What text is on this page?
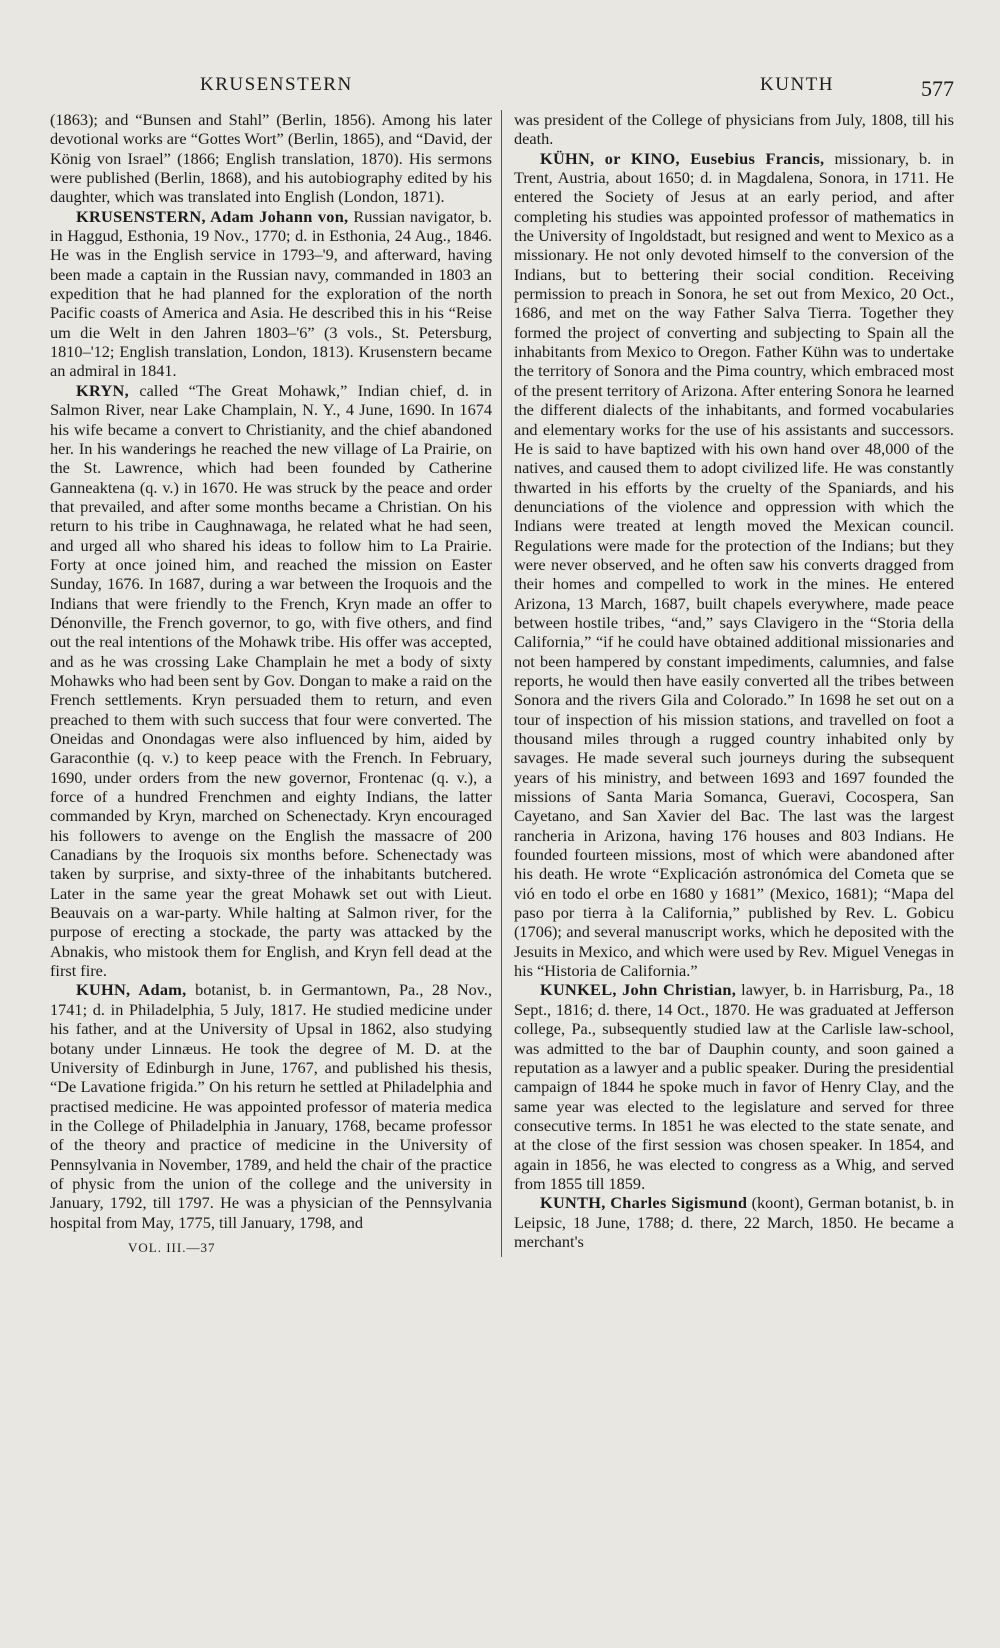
KRUSENSTERN	KUNTH	577

(1863); and “Bunsen and Stahl” (Berlin, 1856). Among his later devotional works are “Gottes Wort” (Berlin, 1865), and “David, der König von Israel” (1866; English translation, 1870). His sermons were published (Berlin, 1868), and his autobiography edited by his daughter, which was translated into English (London, 1871).

KRUSENSTERN, Adam Johann von, Russian navigator, b. in Haggud, Esthonia, 19 Nov., 1770; d. in Esthonia, 24 Aug., 1846. He was in the English service in 1793–'9, and afterward, having been made a captain in the Russian navy, commanded in 1803 an expedition that he had planned for the exploration of the north Pacific coasts of America and Asia. He described this in his “Reise um die Welt in den Jahren 1803–'6” (3 vols., St. Petersburg, 1810–'12; English translation, London, 1813). Krusenstern became an admiral in 1841.

KRYN, called “The Great Mohawk,” Indian chief, d. in Salmon River, near Lake Champlain, N. Y., 4 June, 1690. In 1674 his wife became a convert to Christianity, and the chief abandoned her. In his wanderings he reached the new village of La Prairie, on the St. Lawrence, which had been founded by Catherine Ganneaktena (q. v.) in 1670. He was struck by the peace and order that prevailed, and after some months became a Christian. On his return to his tribe in Caughnawaga, he related what he had seen, and urged all who shared his ideas to follow him to La Prairie. Forty at once joined him, and reached the mission on Easter Sunday, 1676. In 1687, during a war between the Iroquois and the Indians that were friendly to the French, Kryn made an offer to Dénonville, the French governor, to go, with five others, and find out the real intentions of the Mohawk tribe. His offer was accepted, and as he was crossing Lake Champlain he met a body of sixty Mohawks who had been sent by Gov. Dongan to make a raid on the French settlements. Kryn persuaded them to return, and even preached to them with such success that four were converted. The Oneidas and Onondagas were also influenced by him, aided by Garaconthie (q. v.) to keep peace with the French. In February, 1690, under orders from the new governor, Frontenac (q. v.), a force of a hundred Frenchmen and eighty Indians, the latter commanded by Kryn, marched on Schenectady. Kryn encouraged his followers to avenge on the English the massacre of 200 Canadians by the Iroquois six months before. Schenectady was taken by surprise, and sixty-three of the inhabitants butchered. Later in the same year the great Mohawk set out with Lieut. Beauvais on a war-party. While halting at Salmon river, for the purpose of erecting a stockade, the party was attacked by the Abnakis, who mistook them for English, and Kryn fell dead at the first fire.

KUHN, Adam, botanist, b. in Germantown, Pa., 28 Nov., 1741; d. in Philadelphia, 5 July, 1817. He studied medicine under his father, and at the University of Upsal in 1862, also studying botany under Linnæus. He took the degree of M. D. at the University of Edinburgh in June, 1767, and published his thesis, “De Lavatione frigida.” On his return he settled at Philadelphia and practised medicine. He was appointed professor of materia medica in the College of Philadelphia in January, 1768, became professor of the theory and practice of medicine in the University of Pennsylvania in November, 1789, and held the chair of the practice of physic from the union of the college and the university in January, 1792, till 1797. He was a physician of the Pennsylvania hospital from May, 1775, till January, 1798, and

VOL. III.—37

was president of the College of physicians from July, 1808, till his death.

KÜHN, or KINO, Eusebius Francis, missionary, b. in Trent, Austria, about 1650; d. in Magdalena, Sonora, in 1711. He entered the Society of Jesus at an early period, and after completing his studies was appointed professor of mathematics in the University of Ingoldstadt, but resigned and went to Mexico as a missionary. He not only devoted himself to the conversion of the Indians, but to bettering their social condition. Receiving permission to preach in Sonora, he set out from Mexico, 20 Oct., 1686, and met on the way Father Salva Tierra. Together they formed the project of converting and subjecting to Spain all the inhabitants from Mexico to Oregon. Father Kühn was to undertake the territory of Sonora and the Pima country, which embraced most of the present territory of Arizona. After entering Sonora he learned the different dialects of the inhabitants, and formed vocabularies and elementary works for the use of his assistants and successors. He is said to have baptized with his own hand over 48,000 of the natives, and caused them to adopt civilized life. He was constantly thwarted in his efforts by the cruelty of the Spaniards, and his denunciations of the violence and oppression with which the Indians were treated at length moved the Mexican council. Regulations were made for the protection of the Indians; but they were never observed, and he often saw his converts dragged from their homes and compelled to work in the mines. He entered Arizona, 13 March, 1687, built chapels everywhere, made peace between hostile tribes, “and,” says Clavigero in the “Storia della California,” “if he could have obtained additional missionaries and not been hampered by constant impediments, calumnies, and false reports, he would then have easily converted all the tribes between Sonora and the rivers Gila and Colorado.” In 1698 he set out on a tour of inspection of his mission stations, and travelled on foot a thousand miles through a rugged country inhabited only by savages. He made several such journeys during the subsequent years of his ministry, and between 1693 and 1697 founded the missions of Santa Maria Somanca, Gueravi, Cocospera, San Cayetano, and San Xavier del Bac. The last was the largest rancheria in Arizona, having 176 houses and 803 Indians. He founded fourteen missions, most of which were abandoned after his death. He wrote “Explicación astronómica del Cometa que se vió en todo el orbe en 1680 y 1681” (Mexico, 1681); “Mapa del paso por tierra à la California,” published by Rev. L. Gobicu (1706); and several manuscript works, which he deposited with the Jesuits in Mexico, and which were used by Rev. Miguel Venegas in his “Historia de California.”

KUNKEL, John Christian, lawyer, b. in Harrisburg, Pa., 18 Sept., 1816; d. there, 14 Oct., 1870. He was graduated at Jefferson college, Pa., subsequently studied law at the Carlisle law-school, was admitted to the bar of Dauphin county, and soon gained a reputation as a lawyer and a public speaker. During the presidential campaign of 1844 he spoke much in favor of Henry Clay, and the same year was elected to the legislature and served for three consecutive terms. In 1851 he was elected to the state senate, and at the close of the first session was chosen speaker. In 1854, and again in 1856, he was elected to congress as a Whig, and served from 1855 till 1859.

KUNTH, Charles Sigismund (koont), German botanist, b. in Leipsic, 18 June, 1788; d. there, 22 March, 1850. He became a merchant's
